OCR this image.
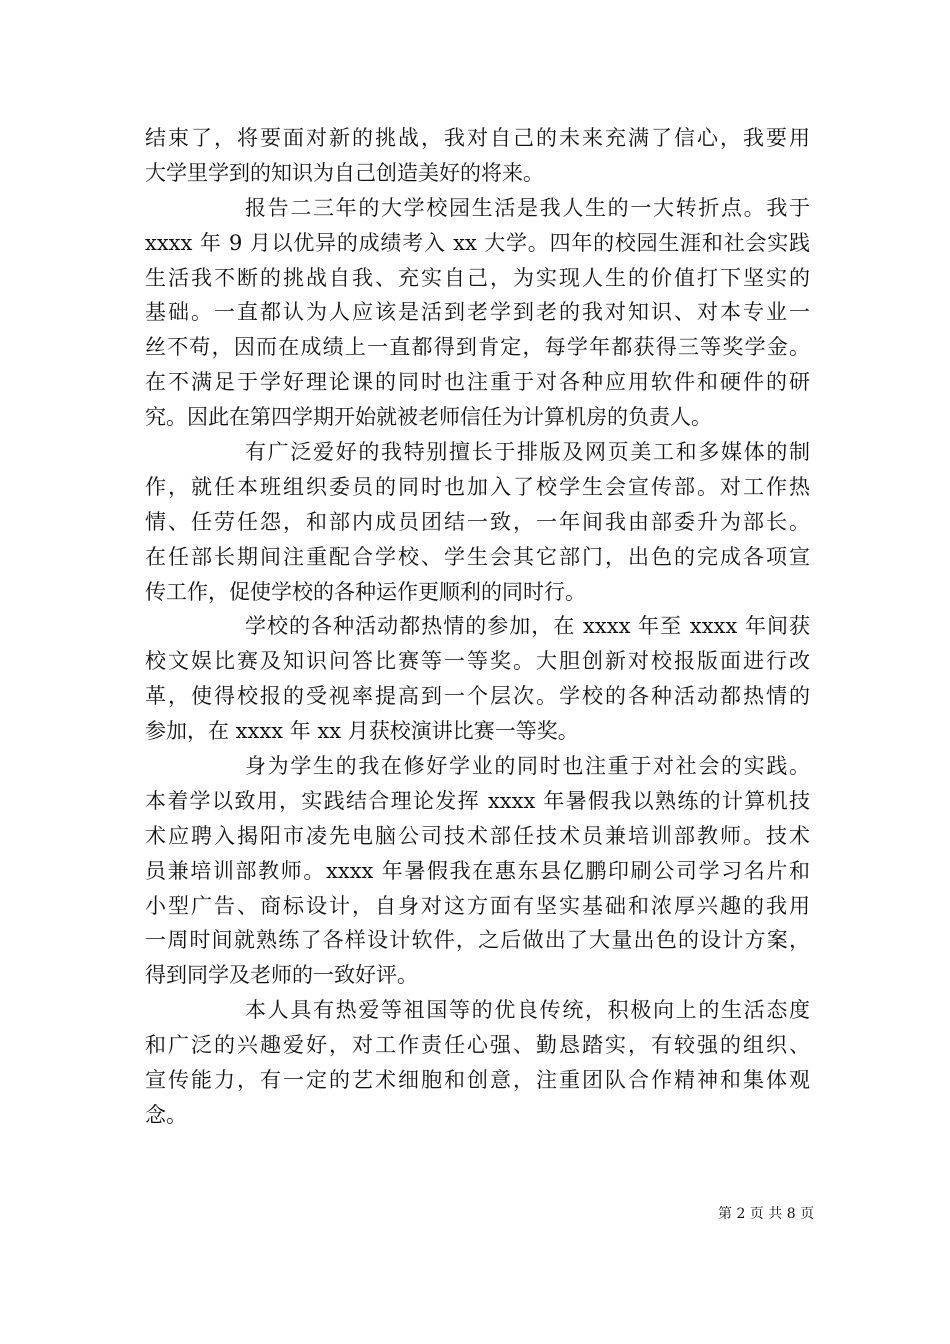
结束了，将要面对新的挑战，我对自己的未来充满了信心，我要用
大学里学到的知识为自己创造美好的将来。
报告二三年的大学校园生活是我人生的一大转折点。我于
xxxx 年 9 月以优异的成绩考入 xx 大学。四年的校园生涯和社会实践
生活我不断的挑战自我、充实自己，为实现人生的价值打下坚实的
基础。一直都认为人应该是活到老学到老的我对知识、对本专业一
丝不苟，因而在成绩上一直都得到肯定，每学年都获得三等奖学金。
在不满足于学好理论课的同时也注重于对各种应用软件和硬件的研
究。因此在第四学期开始就被老师信任为计算机房的负责人。
有广泛爱好的我特别擅长于排版及网页美工和多媒体的制
作，就任本班组织委员的同时也加入了校学生会宣传部。对工作热
情、任劳任怨，和部内成员团结一致，一年间我由部委升为部长。
在任部长期间注重配合学校、学生会其它部门，出色的完成各项宣
传工作，促使学校的各种运作更顺利的同时行。
学校的各种活动都热情的参加，在 xxxx 年至 xxxx 年间获
校文娱比赛及知识问答比赛等一等奖。大胆创新对校报版面进行改
革，使得校报的受视率提高到一个层次。学校的各种活动都热情的
参加，在 xxxx 年 xx 月获校演讲比赛一等奖。
身为学生的我在修好学业的同时也注重于对社会的实践。
本着学以致用，实践结合理论发挥 xxxx 年暑假我以熟练的计算机技
术应聘入揭阳市凌先电脑公司技术部任技术员兼培训部教师。技术
员兼培训部教师。xxxx 年暑假我在惠东县亿鹏印刷公司学习名片和
小型广告、商标设计，自身对这方面有坚实基础和浓厚兴趣的我用
一周时间就熟练了各样设计软件，之后做出了大量出色的设计方案，
得到同学及老师的一致好评。
本人具有热爱等祖国等的优良传统，积极向上的生活态度
和广泛的兴趣爱好，对工作责任心强、勤恳踏实，有较强的组织、
宣传能力，有一定的艺术细胞和创意，注重团队合作精神和集体观
念。
第 2 页 共 8 页
